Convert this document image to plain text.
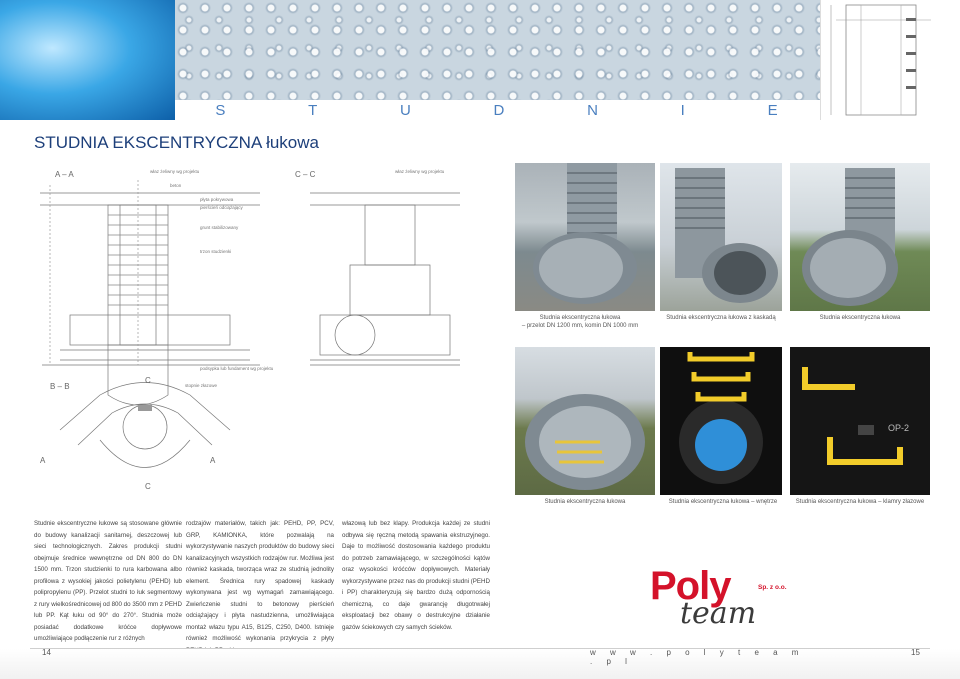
S	T	U	D	N	I	E
STUDNIA EKSCENTRYCZNA łukowa
A – A	właz żeliwny wg projektu
beton
płyta pokrywowa
pierścień odciążający
grunt stabilizowany
trzon studzienki
podsypka lub fundament wg projektu
C – C	właz żeliwny wg projektu
B – B	stopnie złazowe
C
C
A	A
Studnia ekscentryczna łukowa
– przelot DN 1200 mm, komin DN 1000 mm
Studnia ekscentryczna łukowa z kaskadą	Studnia ekscentryczna łukowa
OP-2
Studnia ekscentryczna łukowa	Studnia ekscentryczna łukowa – wnętrze	Studnia ekscentryczna łukowa – klamry złazowe
Studnie ekscentryczne łukowe są stosowane głównie do budowy kanalizacji sanitarnej, deszczowej lub sieci technologicznych. Zakres produkcji studni obejmuje średnice wewnętrzne od DN 800 do DN 1500 mm. Trzon studzienki to rura karbowana albo profilowa z wysokiej jakości polietylenu (PEHD) lub polipropylenu (PP). Przelot studni to łuk segmentowy z rury wielkośrednicowej od 800 do 3500 mm z PEHD lub PP. Kąt łuku od 90° do 270°. Studnia może posiadać dodatkowe króćce dopływowe umożliwiające podłączenie rur z różnych
rodzajów materiałów, takich jak: PEHD, PP, PCV, GRP, KAMIONKA, które pozwalają na wykorzystywanie naszych produktów do budowy sieci kanalizacyjnych wszystkich rodzajów rur. Możliwa jest również kaskada, tworząca wraz ze studnią jednolity element. Średnica rury spadowej kaskady wykonywana jest wg wymagań zamawiającego. Zwieńczenie studni to betonowy pierścień odciążający i płyta nastudzienna, umożliwiająca montaż włazu typu A15, B125, C250, D400. Istnieje również możliwość wykonania przykrycia z płyty
włazową lub bez klapy. Produkcja każdej ze studni odbywa się ręczną metodą spawania ekstruzyjnego. Daje to możliwość dostosowania każdego produktu do potrzeb zamawiającego, w szczególności kątów oraz wysokości króćców dopływowych. Materiały wykorzystywane przez nas do produkcji studni (PEHD i PP) charakteryzują się bardzo dużą odpornością chemiczną, co daje gwarancję długotrwałej eksploatacji bez obawy o destrukcyjne działanie gazów ściekowych czy samych ścieków.
Poly
team
Sp. z o.o.
14	w w w . p o l y t e a m . p l
15
